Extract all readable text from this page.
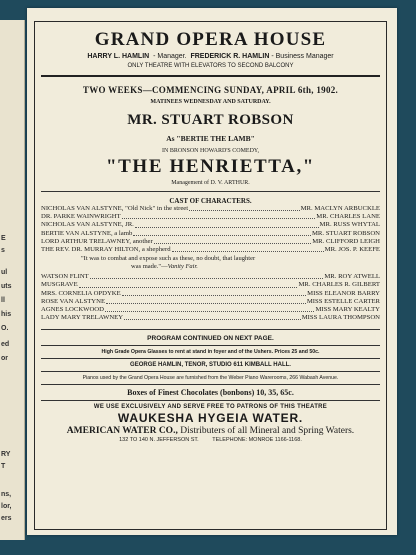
E
s
ul
uts
ll
his
O.
ed
or
RY
T
ns,
lor,
ers
GRAND OPERA HOUSE
HARRY L. HAMLIN  - Manager. FREDERICK R. HAMLIN - Business Manager
ONLY THEATRE WITH ELEVATORS TO SECOND BALCONY
TWO WEEKS—COMMENCING SUNDAY, APRIL 6th, 1902.
MATINEES WEDNESDAY AND SATURDAY.
MR. STUART ROBSON
As "BERTIE THE LAMB"
IN BRONSON HOWARD'S COMEDY,
"THE HENRIETTA,"
Management of D. V. ARTHUR.
CAST OF CHARACTERS.
NICHOLAS VAN ALSTYNE, "Old Nick" in the street	MR. MACLYN ARBUCKLE
DR. PARKE WAINWRIGHT	MR. CHARLES LANE
NICHOLAS VAN ALSTYNE, JR.	MR. RUSS WHYTAL
BERTIE VAN ALSTYNE, a lamb	MR. STUART ROBSON
LORD ARTHUR TRELAWNEY, another	MR. CLIFFORD LEIGH
THE REV. DR. MURRAY HILTON, a shepherd	MR. JOS. P. KEEFE
"It was to combat and expose such as these, no doubt, that laughter
was made."—Vanity Fair.
WATSON FLINT	MR. ROY ATWELL
MUSGRAVE	MR. CHARLES R. GILBERT
MRS. CORNELIA OPDYKE	MISS ELEANOR BARRY
ROSE VAN ALSTYNE	MISS ESTELLE CARTER
AGNES LOCKWOOD	MISS MARY KEALTY
LADY MARY TRELAWNEY	MISS LAURA THOMPSON
PROGRAM CONTINUED ON NEXT PAGE.
High Grade Opera Glasses to rent at stand in foyer and of the Ushers. Prices 25 and 50c.
GEORGE HAMLIN, TENOR, STUDIO 611 KIMBALL HALL.
Pianos used by the Grand Opera House are furnished from the Weber Piano Warerooms, 266 Wabash Avenue.
Boxes of Finest Chocolates (bonbons) 10, 35, 65c.
WE USE EXCLUSIVELY AND SERVE FREE TO PATRONS OF THIS THEATRE
WAUKESHA HYGEIA WATER.
AMERICAN WATER CO., Distributers of all Mineral and Spring Waters.
132 TO 140 N. JEFFERSON ST. TELEPHONE: MONROE 1166-1168.
